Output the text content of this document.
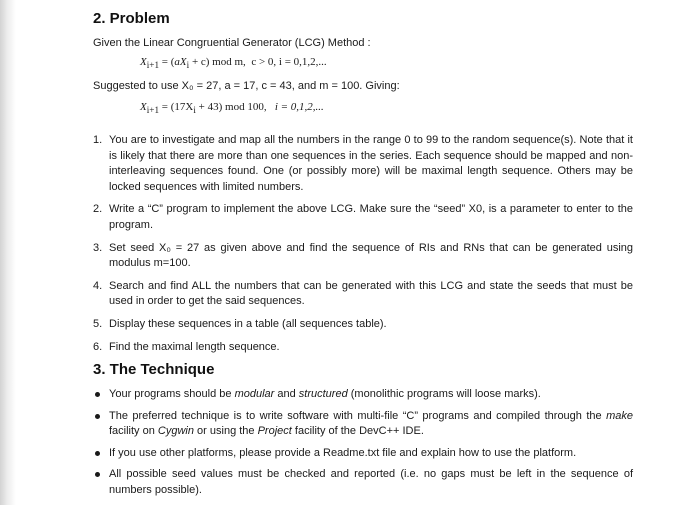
2. Problem
Given the Linear Congruential Generator (LCG) Method :
$X_{i+1} = (aX_i + c)$ mod m, c > 0, i = 0,1,2,...
Suggested to use X₀ = 27, a = 17, c = 43, and m = 100. Giving:
$X_{i+1} = (17X_i + 43)$ mod 100, i = 0,1,2,...
1. You are to investigate and map all the numbers in the range 0 to 99 to the random sequence(s). Note that it is likely that there are more than one sequences in the series. Each sequence should be mapped and non-interleaving sequences found. One (or possibly more) will be maximal length sequence. Others may be locked sequences with limited numbers.
2. Write a “C” program to implement the above LCG. Make sure the “seed” X0, is a parameter to enter to the program.
3. Set seed X₀ = 27 as given above and find the sequence of RIs and RNs that can be generated using modulus m=100.
4. Search and find ALL the numbers that can be generated with this LCG and state the seeds that must be used in order to get the said sequences.
5. Display these sequences in a table (all sequences table).
6. Find the maximal length sequence.
3. The Technique
Your programs should be modular and structured (monolithic programs will loose marks).
The preferred technique is to write software with multi-file “C” programs and compiled through the make facility on Cygwin or using the Project facility of the DevC++ IDE.
If you use other platforms, please provide a Readme.txt file and explain how to use the platform.
All possible seed values must be checked and reported (i.e. no gaps must be left in the sequence of numbers possible).
